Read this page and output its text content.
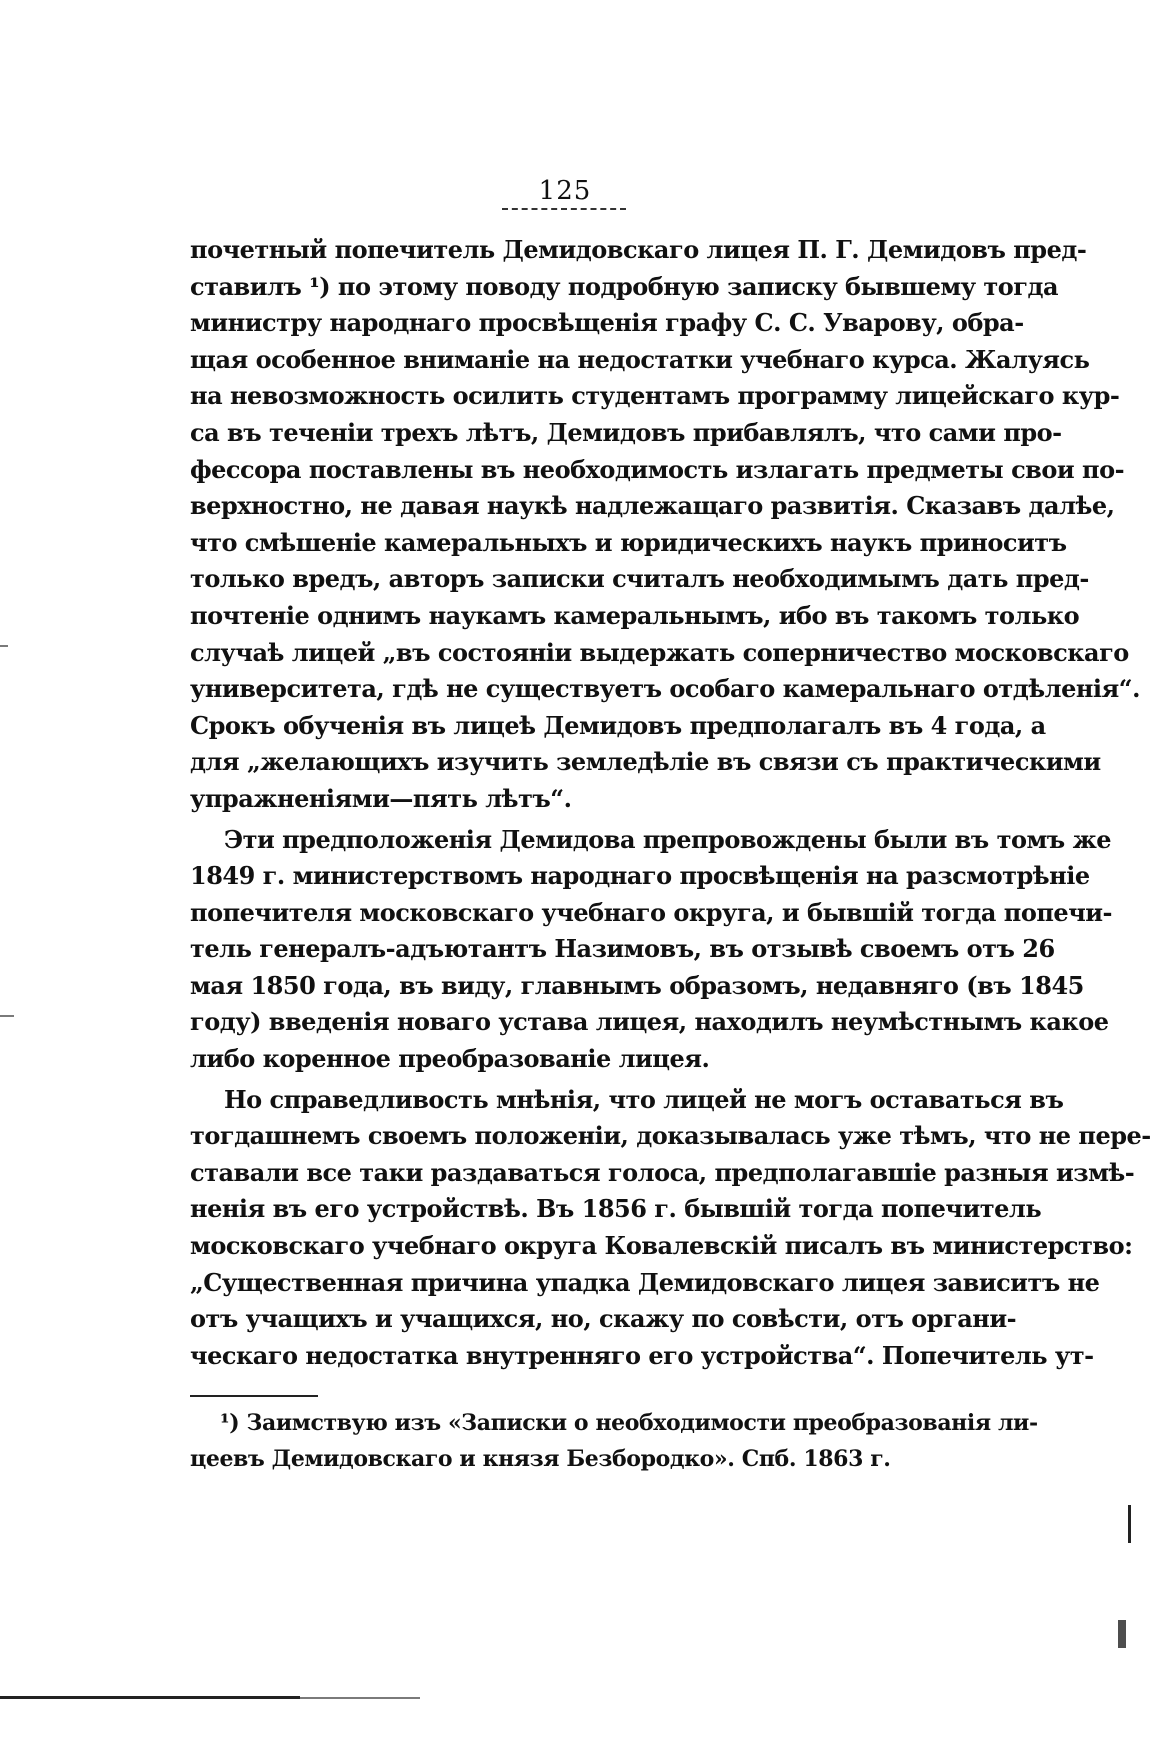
125
почетный попечитель Демидовскаго лицея П. Г. Демидовъ пред-
ставилъ ¹) по этому поводу подробную записку бывшему тогда
министру народнаго просвѣщенія графу С. С. Уварову, обра-
щая особенное вниманіе на недостатки учебнаго курса. Жалуясь
на невозможность осилить студентамъ программу лицейскаго кур-
са въ теченіи трехъ лѣтъ, Демидовъ прибавлялъ, что сами про-
фессора поставлены въ необходимость излагать предметы свои по-
верхностно, не давая наукѣ надлежащаго развитія. Сказавъ далѣе,
что смѣшеніе камеральныхъ и юридическихъ наукъ приноситъ
только вредъ, авторъ записки считалъ необходимымъ дать пред-
почтеніе однимъ наукамъ камеральнымъ, ибо въ такомъ только
случаѣ лицей „въ состояніи выдержать соперничество московскаго
университета, гдѣ не существуетъ особаго камеральнаго отдѣленія“.
Срокъ обученія въ лицеѣ Демидовъ предполагалъ въ 4 года, а
для „желающихъ изучить земледѣліе въ связи съ практическими
упражненіями—пять лѣтъ“.
Эти предположенія Демидова препровождены были въ томъ же
1849 г. министерствомъ народнаго просвѣщенія на разсмотрѣніе
попечителя московскаго учебнаго округа, и бывшій тогда попечи-
тель генералъ-адъютантъ Назимовъ, въ отзывѣ своемъ отъ 26
мая 1850 года, въ виду, главнымъ образомъ, недавняго (въ 1845
году) введенія новаго устава лицея, находилъ неумѣстнымъ какое
либо коренное преобразованіе лицея.
Но справедливость мнѣнія, что лицей не могъ оставаться въ
тогдашнемъ своемъ положеніи, доказывалась уже тѣмъ, что не пере-
ставали все таки раздаваться голоса, предполагавшіе разныя измѣ-
ненія въ его устройствѣ. Въ 1856 г. бывшій тогда попечитель
московскаго учебнаго округа Ковалевскій писалъ въ министерство:
„Существенная причина упадка Демидовскаго лицея зависитъ не
отъ учащихъ и учащихся, но, скажу по совѣсти, отъ органи-
ческаго недостатка внутренняго его устройства“. Попечитель ут-
¹) Заимствую изъ «Записки о необходимости преобразованія ли-
цеевъ Демидовскаго и князя Безбородко». Спб. 1863 г.
